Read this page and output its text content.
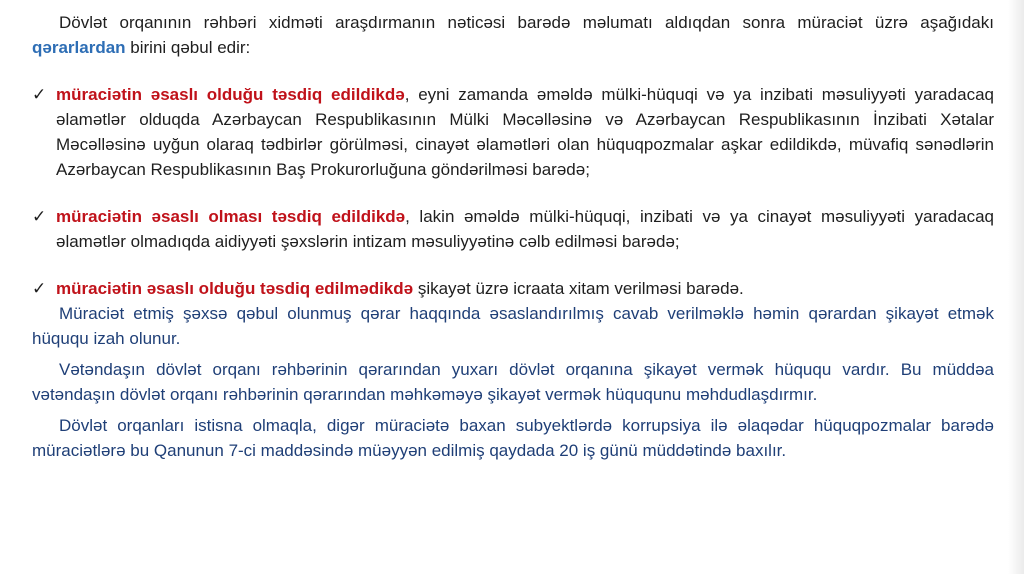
Dövlət orqanının rəhbəri xidməti araşdırmanın nəticəsi barədə məlumatı aldıqdan sonra müraciət üzrə aşağıdakı qərarlardan birini qəbul edir:

✓ müraciətin əsaslı olduğu təsdiq edildikdə, eyni zamanda əməldə mülki-hüquqi və ya inzibati məsuliyyəti yaradacaq əlamətlər olduqda Azərbaycan Respublikasının Mülki Məcəlləsinə və Azərbaycan Respublikasının İnzibati Xətalar Məcəlləsinə uyğun olaraq tədbirlər görülməsi, cinayət əlamətləri olan hüquqpozmalar aşkar edildikdə, müvafiq sənədlərin Azərbaycan Respublikasının Baş Prokurorluğuna göndərilməsi barədə;
✓ müraciətin əsaslı olması təsdiq edildikdə, lakin əməldə mülki-hüquqi, inzibati və ya cinayət məsuliyyəti yaradacaq əlamətlər olmadıqda aidiyyəti şəxslərin intizam məsuliyyətinə cəlb edilməsi barədə;
✓ müraciətin əsaslı olduğu təsdiq edilmədikdə şikayət üzrə icraata xitam verilməsi barədə.

Müraciət etmiş şəxsə qəbul olunmuş qərar haqqında əsaslandırılmış cavab verilməklə həmin qərardan şikayət etmək hüququ izah olunur.

Vətəndaşın dövlət orqanı rəhbərinin qərarından yuxarı dövlət orqanına şikayət vermək hüququ vardır. Bu müddəa vətəndaşın dövlət orqanı rəhbərinin qərarından məhkəməyə şikayət vermək hüququnu məhdudlaşdırmır.

Dövlət orqanları istisna olmaqla, digər müraciətə baxan subyektlərdə korrupsiya ilə əlaqədar hüquqpozmalar barədə müraciətlərə bu Qanunun 7-ci maddəsində müəyyən edilmiş qaydada 20 iş günü müddətində baxılır.
